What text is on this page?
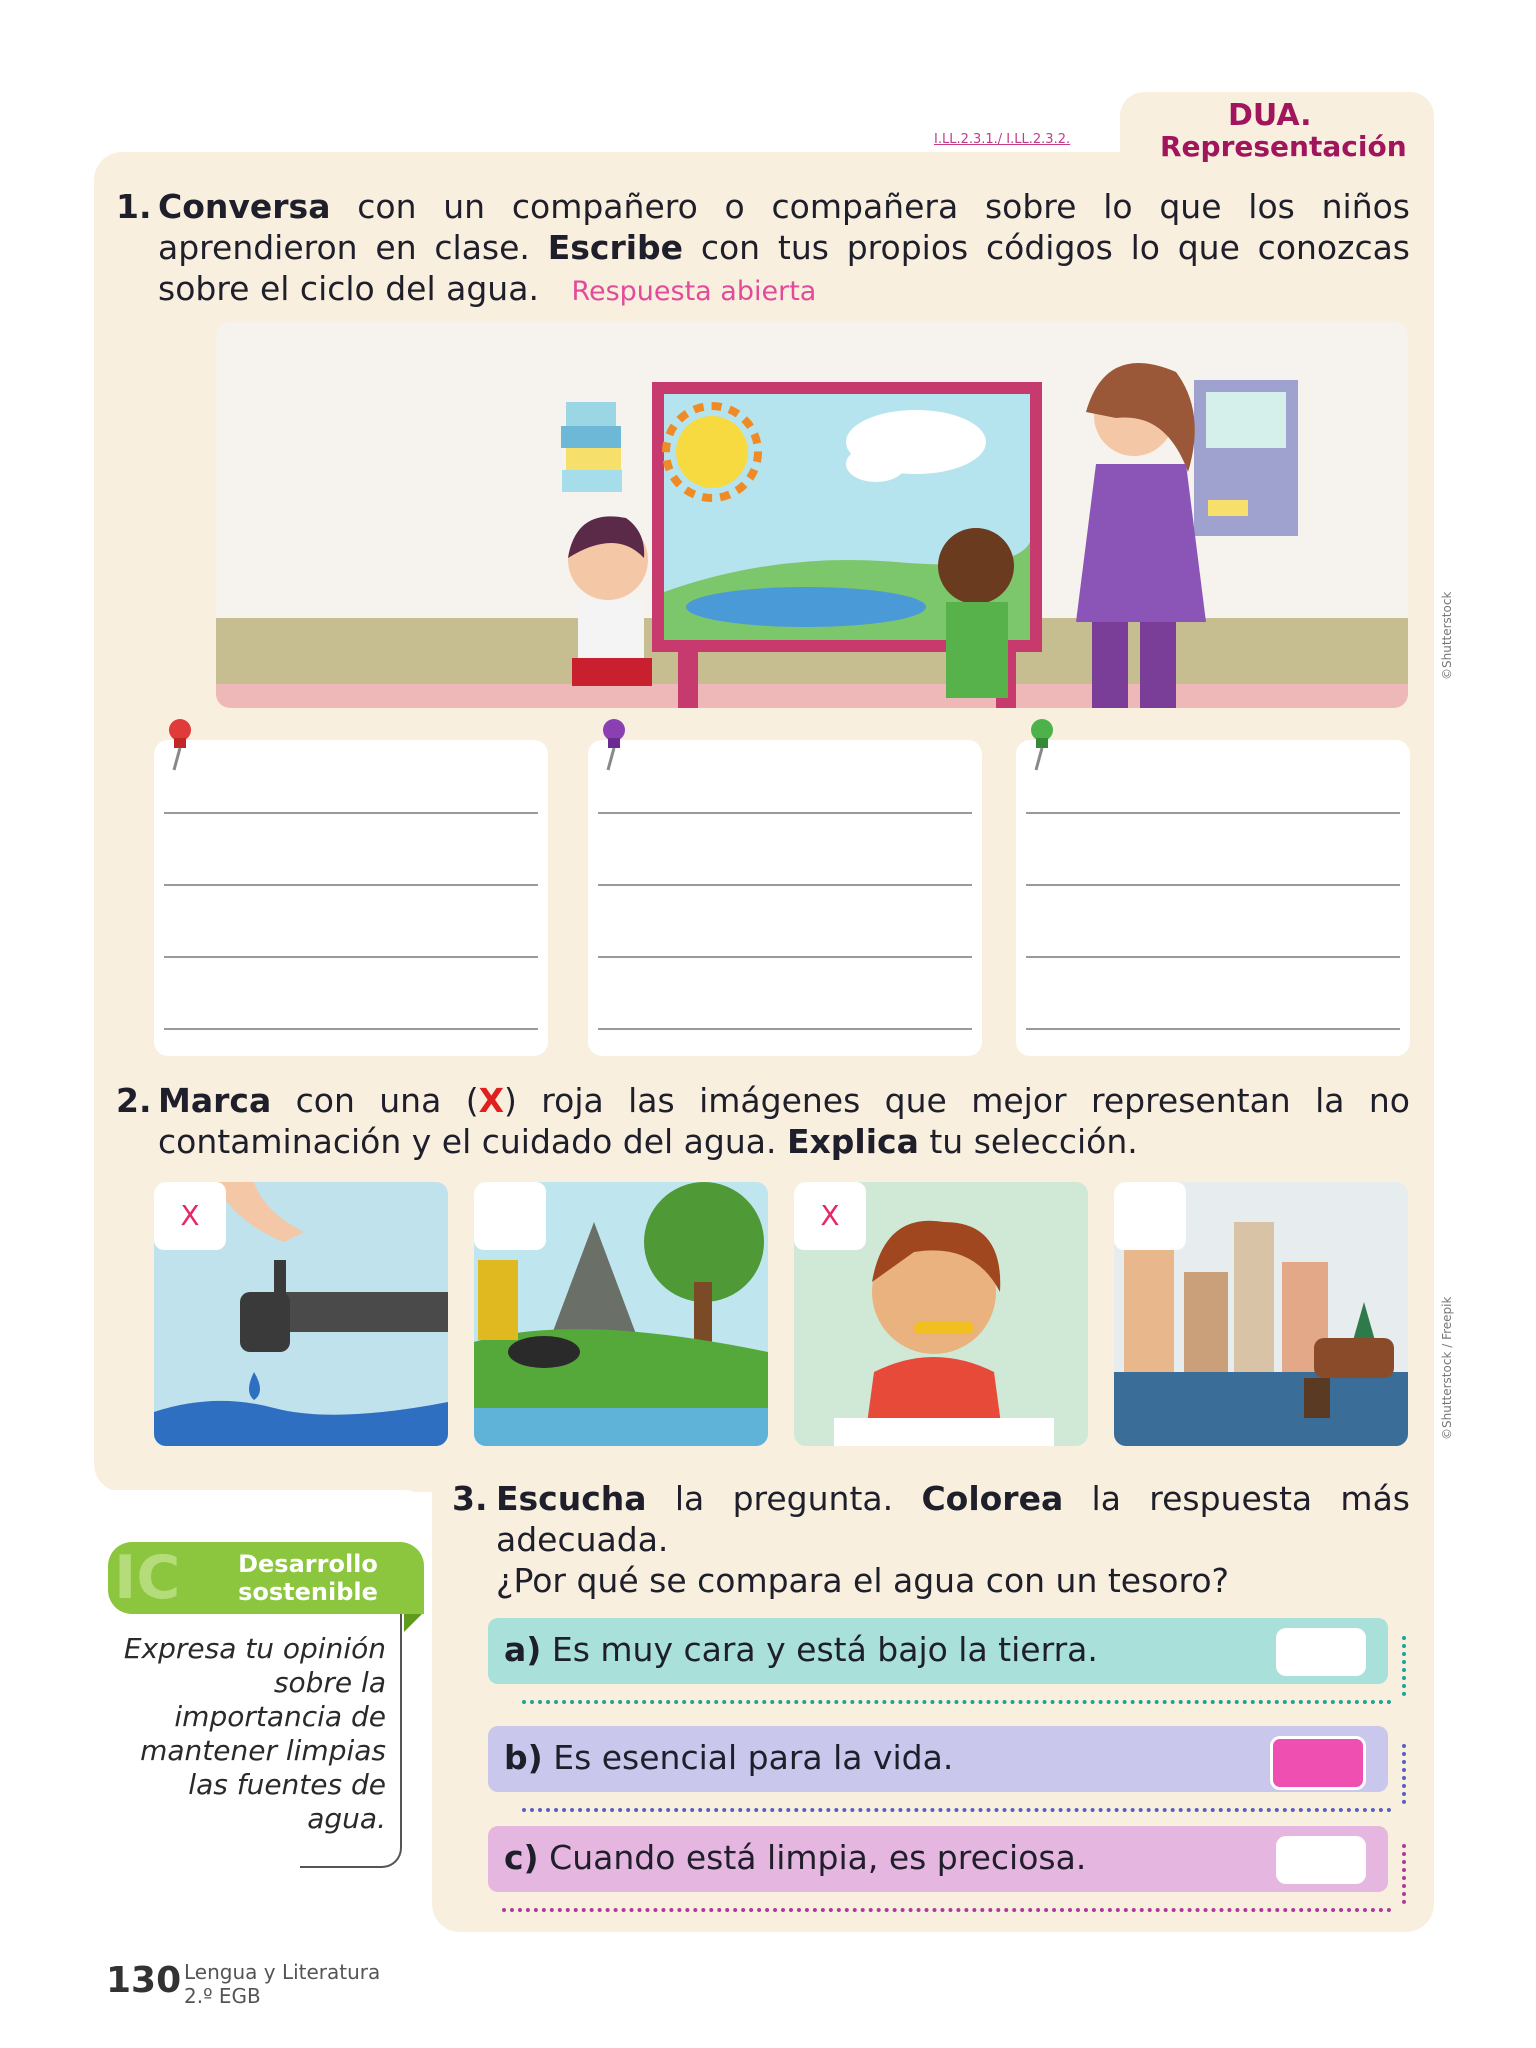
DUA.
Representación
I.LL.2.3.1./ I.LL.2.3.2.
1. Conversa con un compañero o compañera sobre lo que los niños aprendieron en clase. Escribe con tus propios códigos lo que conozcas sobre el ciclo del agua. Respuesta abierta
©Shutterstock
2. Marca con una (X) roja las imágenes que mejor representan la no contaminación y el cuidado del agua. Explica tu selección.
X	X
©Shutterstock / Freepik
IC	Desarrollo
sostenible
Expresa tu opinión sobre la importancia de mantener limpias las fuentes de agua.
3. Escucha la pregunta. Colorea la respuesta más adecuada.
¿Por qué se compara el agua con un tesoro?
a) Es muy cara y está bajo la tierra.
b) Es esencial para la vida.
c) Cuando está limpia, es preciosa.
130 Lengua y Literatura
2.º EGB
